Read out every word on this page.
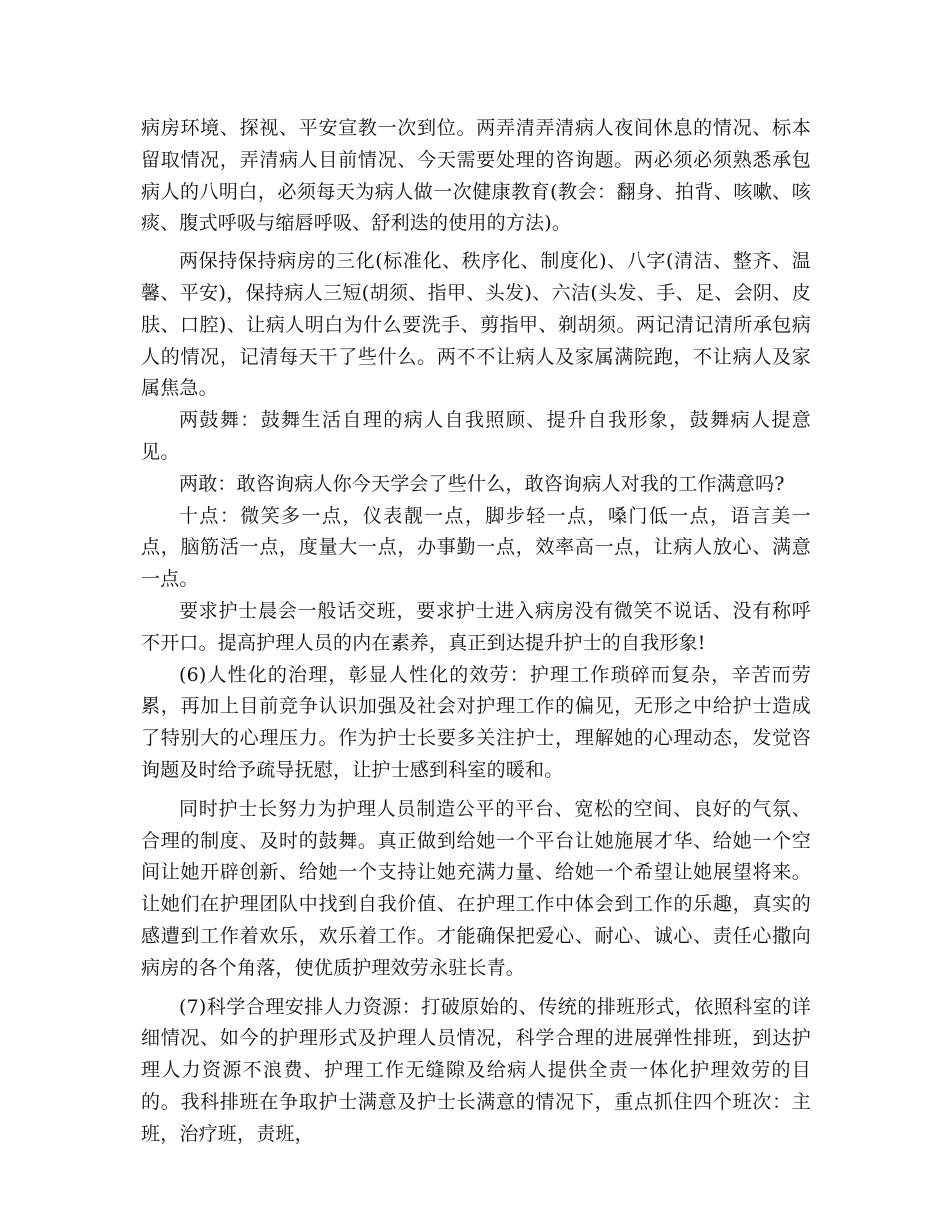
病房环境、探视、平安宣教一次到位。两弄清弄清病人夜间休息的情况、标本留取情况，弄清病人目前情况、今天需要处理的咨询题。两必须必须熟悉承包病人的八明白，必须每天为病人做一次健康教育(教会：翻身、拍背、咳嗽、咳痰、腹式呼吸与缩唇呼吸、舒利迭的使用的方法)。

两保持保持病房的三化(标准化、秩序化、制度化)、八字(清洁、整齐、温馨、平安)，保持病人三短(胡须、指甲、头发)、六洁(头发、手、足、会阴、皮肤、口腔)、让病人明白为什么要洗手、剪指甲、剃胡须。两记清记清所承包病人的情况，记清每天干了些什么。两不不让病人及家属满院跑，不让病人及家属焦急。

两鼓舞：鼓舞生活自理的病人自我照顾、提升自我形象，鼓舞病人提意见。

两敢：敢咨询病人你今天学会了些什么，敢咨询病人对我的工作满意吗?

十点：微笑多一点，仪表靓一点，脚步轻一点，嗓门低一点，语言美一点，脑筋活一点，度量大一点，办事勤一点，效率高一点，让病人放心、满意一点。

要求护士晨会一般话交班，要求护士进入病房没有微笑不说话、没有称呼不开口。提高护理人员的内在素养，真正到达提升护士的自我形象!

(6)人性化的治理，彰显人性化的效劳：护理工作琐碎而复杂，辛苦而劳累，再加上目前竞争认识加强及社会对护理工作的偏见，无形之中给护士造成了特别大的心理压力。作为护士长要多关注护士，理解她的心理动态，发觉咨询题及时给予疏导抚慰，让护士感到科室的暖和。

同时护士长努力为护理人员制造公平的平台、宽松的空间、良好的气氛、合理的制度、及时的鼓舞。真正做到给她一个平台让她施展才华、给她一个空间让她开辟创新、给她一个支持让她充满力量、给她一个希望让她展望将来。让她们在护理团队中找到自我价值、在护理工作中体会到工作的乐趣，真实的感遭到工作着欢乐，欢乐着工作。才能确保把爱心、耐心、诚心、责任心撒向病房的各个角落，使优质护理效劳永驻长青。

(7)科学合理安排人力资源：打破原始的、传统的排班形式，依照科室的详细情况、如今的护理形式及护理人员情况，科学合理的进展弹性排班，到达护理人力资源不浪费、护理工作无缝隙及给病人提供全责一体化护理效劳的目的。我科排班在争取护士满意及护士长满意的情况下，重点抓住四个班次：主班，治疗班，责班，
